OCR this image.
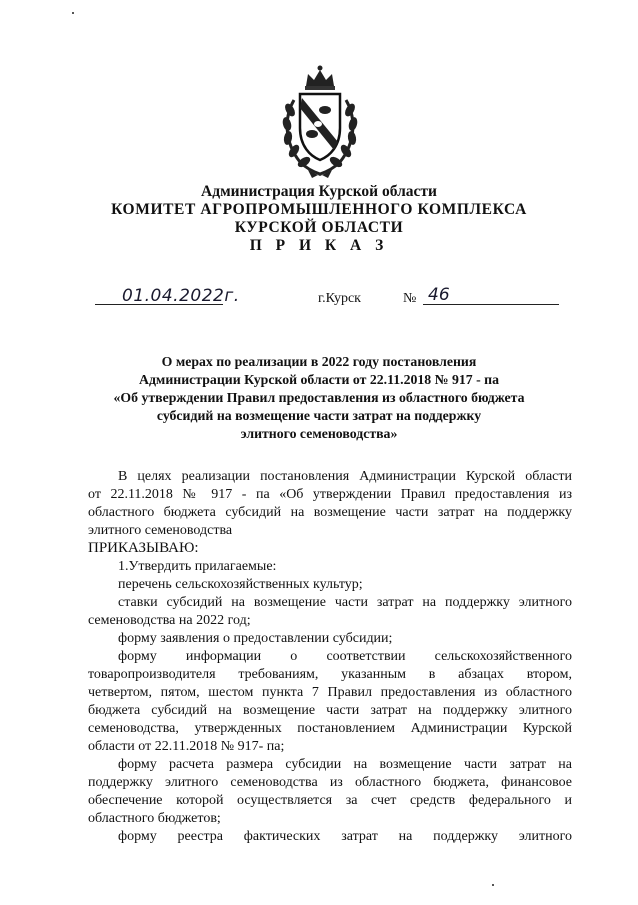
Администрация Курской области
КОМИТЕТ АГРОПРОМЫШЛЕННОГО КОМПЛЕКСА
КУРСКОЙ ОБЛАСТИ
П Р И К А З
01.04.2022г.	г.Курск	№ 46
О мерах по реализации в 2022 году постановления
Администрации Курской области от 22.11.2018 № 917 - па
«Об утверждении Правил предоставления из областного бюджета
субсидий на возмещение части затрат на поддержку
элитного семеноводства»
В целях реализации постановления Администрации Курской области
от 22.11.2018 № 917 - па «Об утверждении Правил предоставления из
областного бюджета субсидий на возмещение части затрат на поддержку
элитного семеноводства
ПРИКАЗЫВАЮ:
1.Утвердить прилагаемые:
перечень сельскохозяйственных культур;
ставки субсидий на возмещение части затрат на поддержку элитного
семеноводства на 2022 год;
форму заявления о предоставлении субсидии;
форму информации о соответствии сельскохозяйственного
товаропроизводителя требованиям, указанным в абзацах втором,
четвертом, пятом, шестом пункта 7 Правил предоставления из областного
бюджета субсидий на возмещение части затрат на поддержку элитного
семеноводства, утвержденных постановлением Администрации Курской
области от 22.11.2018 № 917- па;
форму расчета размера субсидии на возмещение части затрат на
поддержку элитного семеноводства из областного бюджета, финансовое
обеспечение которой осуществляется за счет средств федерального и
областного бюджетов;
форму реестра фактических затрат на поддержку элитного
